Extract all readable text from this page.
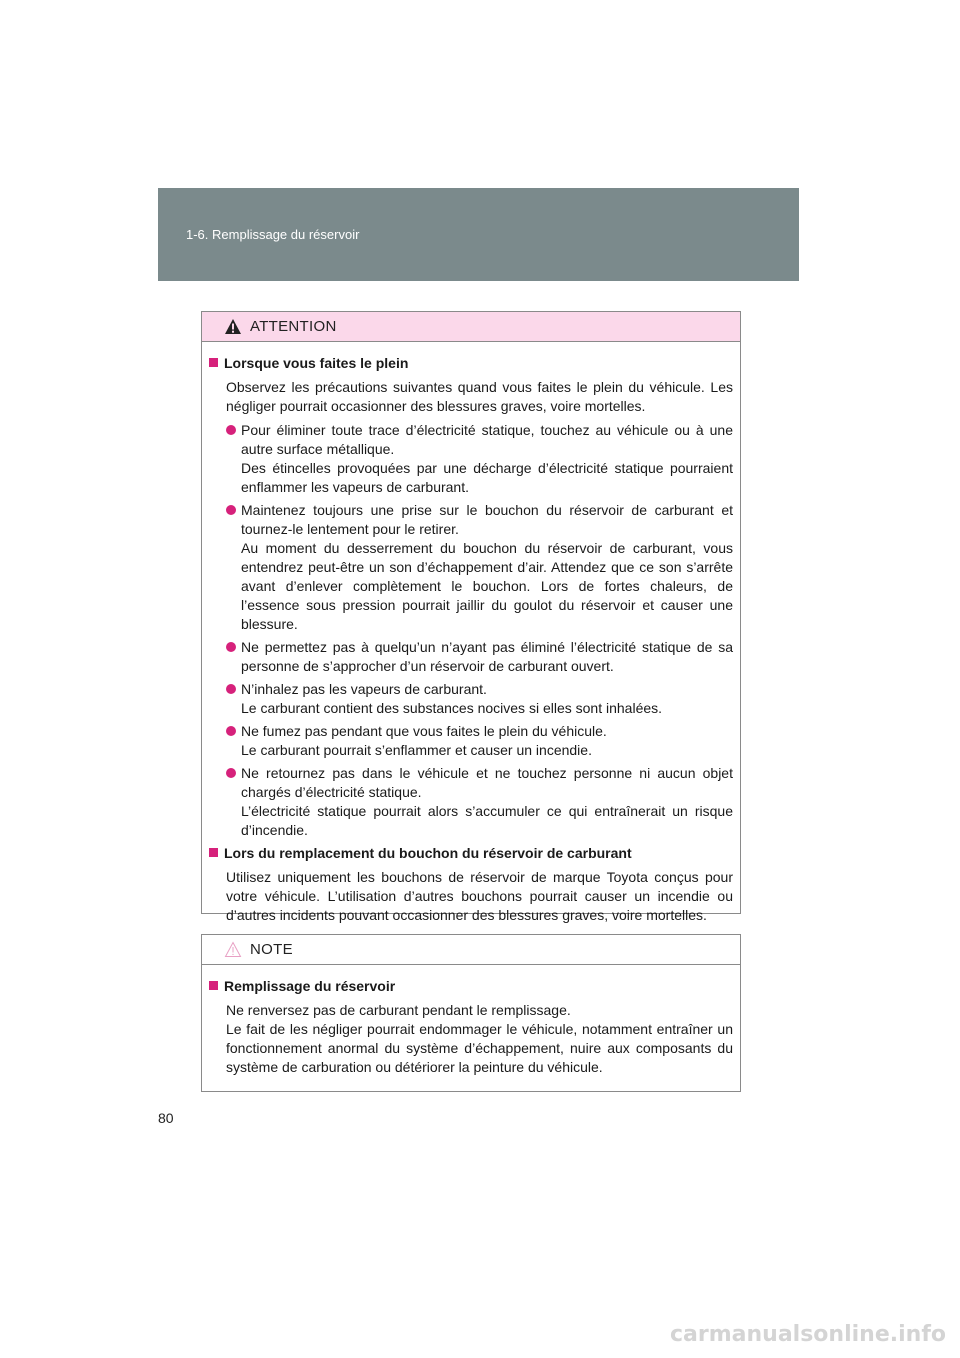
1-6. Remplissage du réservoir
ATTENTION
Lorsque vous faites le plein
Observez les précautions suivantes quand vous faites le plein du véhicule. Les négliger pourrait occasionner des blessures graves, voire mortelles.
Pour éliminer toute trace d’électricité statique, touchez au véhicule ou à une autre surface métallique.
Des étincelles provoquées par une décharge d’électricité statique pourraient enflammer les vapeurs de carburant.
Maintenez toujours une prise sur le bouchon du réservoir de carburant et tournez-le lentement pour le retirer.
Au moment du desserrement du bouchon du réservoir de carburant, vous entendrez peut-être un son d’échappement d’air. Attendez que ce son s’arrête avant d’enlever complètement le bouchon. Lors de fortes chaleurs, de l’essence sous pression pourrait jaillir du goulot du réservoir et causer une blessure.
Ne permettez pas à quelqu’un n’ayant pas éliminé l’électricité statique de sa personne de s’approcher d’un réservoir de carburant ouvert.
N’inhalez pas les vapeurs de carburant.
Le carburant contient des substances nocives si elles sont inhalées.
Ne fumez pas pendant que vous faites le plein du véhicule.
Le carburant pourrait s’enflammer et causer un incendie.
Ne retournez pas dans le véhicule et ne touchez personne ni aucun objet chargés d’électricité statique.
L’électricité statique pourrait alors s’accumuler ce qui entraînerait un risque d’incendie.
Lors du remplacement du bouchon du réservoir de carburant
Utilisez uniquement les bouchons de réservoir de marque Toyota conçus pour votre véhicule. L’utilisation d’autres bouchons pourrait causer un incendie ou d’autres incidents pouvant occasionner des blessures graves, voire mortelles.
NOTE
Remplissage du réservoir
Ne renversez pas de carburant pendant le remplissage.
Le fait de les négliger pourrait endommager le véhicule, notamment entraîner un fonctionnement anormal du système d’échappement, nuire aux composants du système de carburation ou détériorer la peinture du véhicule.
80
carmanualsonline.info
